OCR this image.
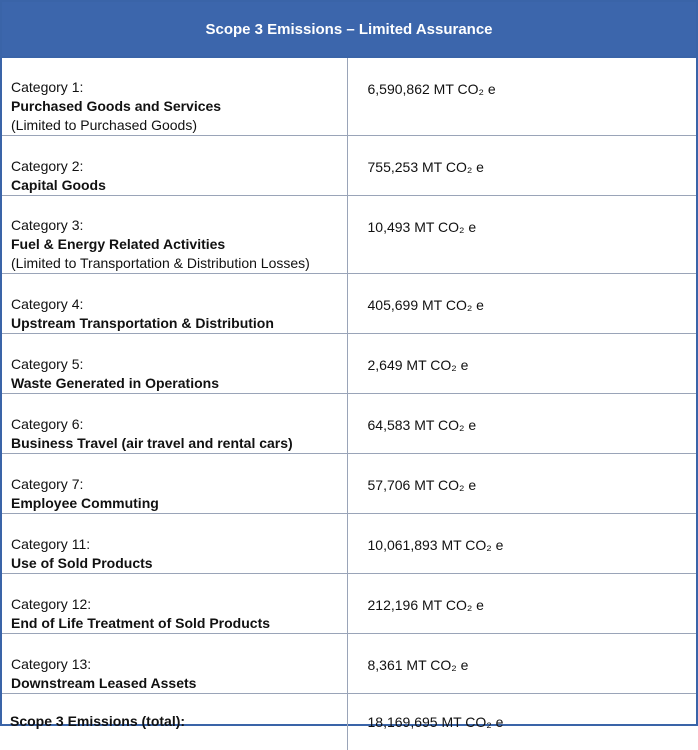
Scope 3 Emissions – Limited Assurance
Category 1:
Purchased Goods and Services
(Limited to Purchased Goods)	6,590,862 MT CO₂ e

Category 2:
Capital Goods	755,253 MT CO₂ e

Category 3:
Fuel & Energy Related Activities
(Limited to Transportation & Distribution Losses)	10,493 MT CO₂ e

Category 4:
Upstream Transportation & Distribution	405,699 MT CO₂ e

Category 5:
Waste Generated in Operations	2,649 MT CO₂ e

Category 6:
Business Travel (air travel and rental cars)	64,583 MT CO₂ e

Category 7:
Employee Commuting	57,706 MT CO₂ e

Category 11:
Use of Sold Products	10,061,893 MT CO₂ e

Category 12:
End of Life Treatment of Sold Products	212,196 MT CO₂ e

Category 13:
Downstream Leased Assets	8,361 MT CO₂ e
Scope 3 Emissions (total):	18,169,695 MT CO₂ e
